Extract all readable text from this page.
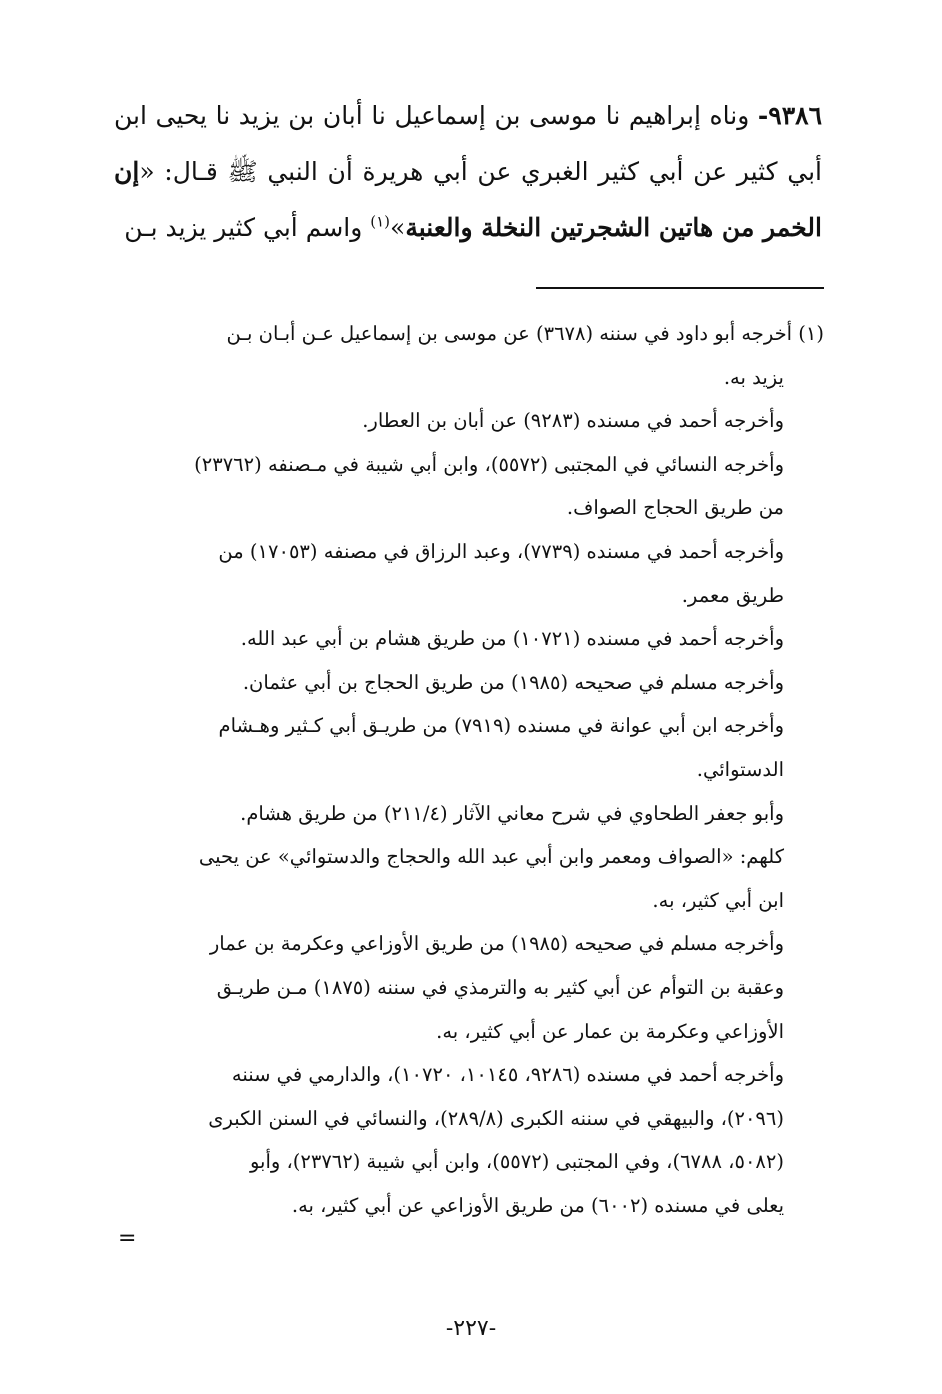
٩٣٨٦- وناه إبراهيم نا موسى بن إسماعيل نا أبان بن يزيد نا يحيى ابن أبي كثير عن أبي كثير الغبري عن أبي هريرة أن النبي ﷺ قـال: «إن الخمر من هاتين الشجرتين النخلة والعنبة»$^{(١)}$ واسم أبي كثير يزيد بـن

(١) أخرجه أبو داود في سننه (٣٦٧٨) عن موسى بن إسماعيل عـن أبـان بـن
يزيد به.
وأخرجه أحمد في مسنده (٩٢٨٣) عن أبان بن العطار.
وأخرجه النسائي في المجتبى (٥٥٧٢)، وابن أبي شيبة في مـصنفه (٢٣٧٦٢)
من طريق الحجاج الصواف.
وأخرجه أحمد في مسنده (٧٧٣٩)، وعبد الرزاق في مصنفه (١٧٠٥٣) من
طريق معمر.
وأخرجه أحمد في مسنده (١٠٧٢١) من طريق هشام بن أبي عبد الله.
وأخرجه مسلم في صحيحه (١٩٨٥) من طريق الحجاج بن أبي عثمان.
وأخرجه ابن أبي عوانة في مسنده (٧٩١٩) من طريـق أبي كـثير وهـشام
الدستوائي.
وأبو جعفر الطحاوي في شرح معاني الآثار (٢١١/٤) من طريق هشام.
كلهم: «الصواف ومعمر وابن أبي عبد الله والحجاج والدستوائي» عن يحيى
ابن أبي كثير، به.
وأخرجه مسلم في صحيحه (١٩٨٥) من طريق الأوزاعي وعكرمة بن عمار
وعقبة بن التوأم عن أبي كثير به والترمذي في سننه (١٨٧٥) مـن طريـق
الأوزاعي وعكرمة بن عمار عن أبي كثير، به.
وأخرجه أحمد في مسنده (٩٢٨٦، ١٠١٤٥، ١٠٧٢٠)، والدارمي في سننه
(٢٠٩٦)، والبيهقي في سننه الكبرى (٢٨٩/٨)، والنسائي في السنن الكبرى
(٥٠٨٢، ٦٧٨٨)، وفي المجتبى (٥٥٧٢)، وابن أبي شيبة (٢٣٧٦٢)، وأبو
يعلى في مسنده (٦٠٠٢) من طريق الأوزاعي عن أبي كثير، به.
=
-٢٢٧-
